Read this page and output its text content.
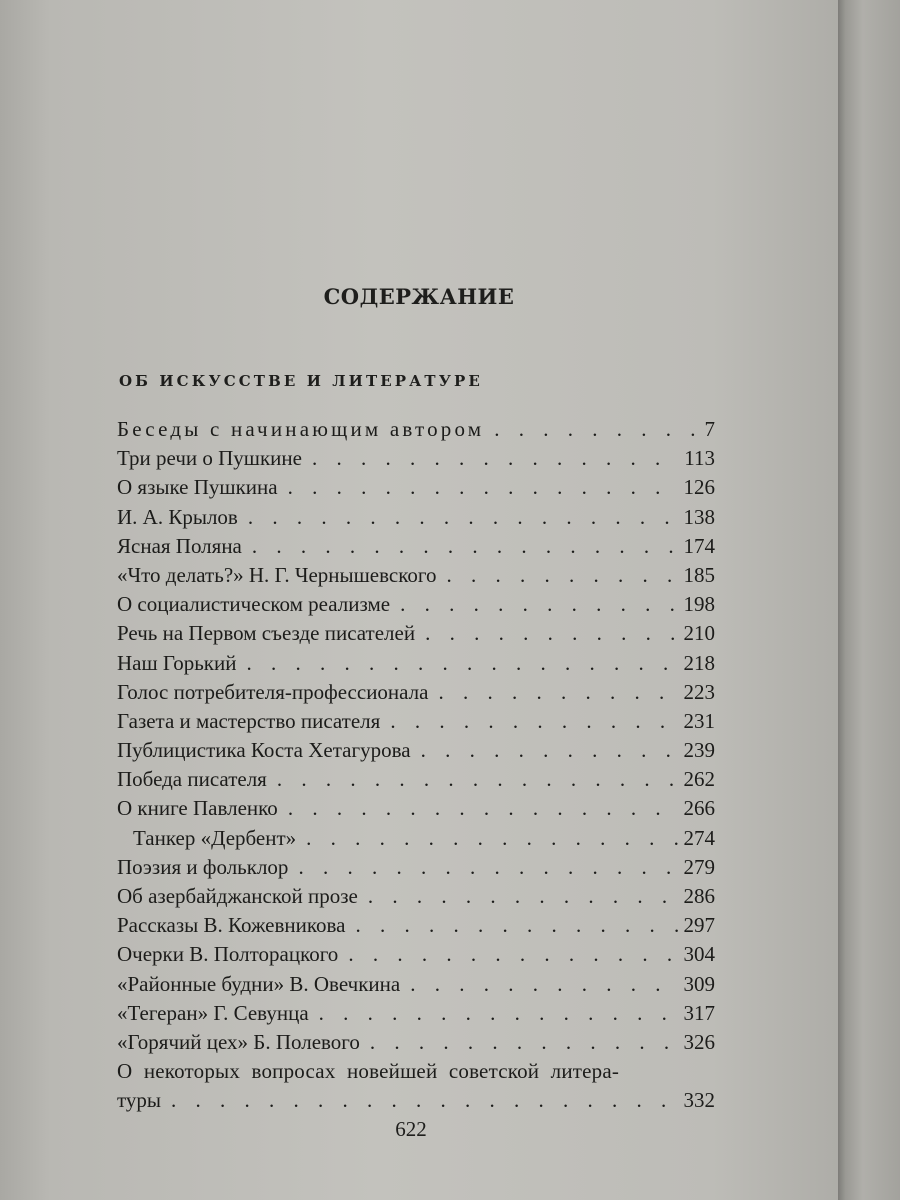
СОДЕРЖАНИЕ
ОБ ИСКУССТВЕ И ЛИТЕРАТУРЕ
Беседы с начинающим автором . . .	7
Три речи о Пушкине . . .	113
О языке Пушкина . . .	126
И. А. Крылов . . .	138
Ясная Поляна . . .	174
«Что делать?» Н. Г. Чернышевского . . .	185
О социалистическом реализме . . .	198
Речь на Первом съезде писателей . . .	210
Наш Горький . . .	218
Голос потребителя-профессионала . . .	223
Газета и мастерство писателя . . .	231
Публицистика Коста Хетагурова . . .	239
Победа писателя . . .	262
О книге Павленко . . .	266
Танкер «Дербент» . . .	274
Поэзия и фольклор . . .	279
Об азербайджанской прозе . . .	286
Рассказы В. Кожевникова . . .	297
Очерки В. Полторацкого . . .	304
«Районные будни» В. Овечкина . . .	309
«Тегеран» Г. Севунца . . .	317
«Горячий цех» Б. Полевого . . .	326
О некоторых вопросах новейшей советской литера-
туры . . .	332
622
